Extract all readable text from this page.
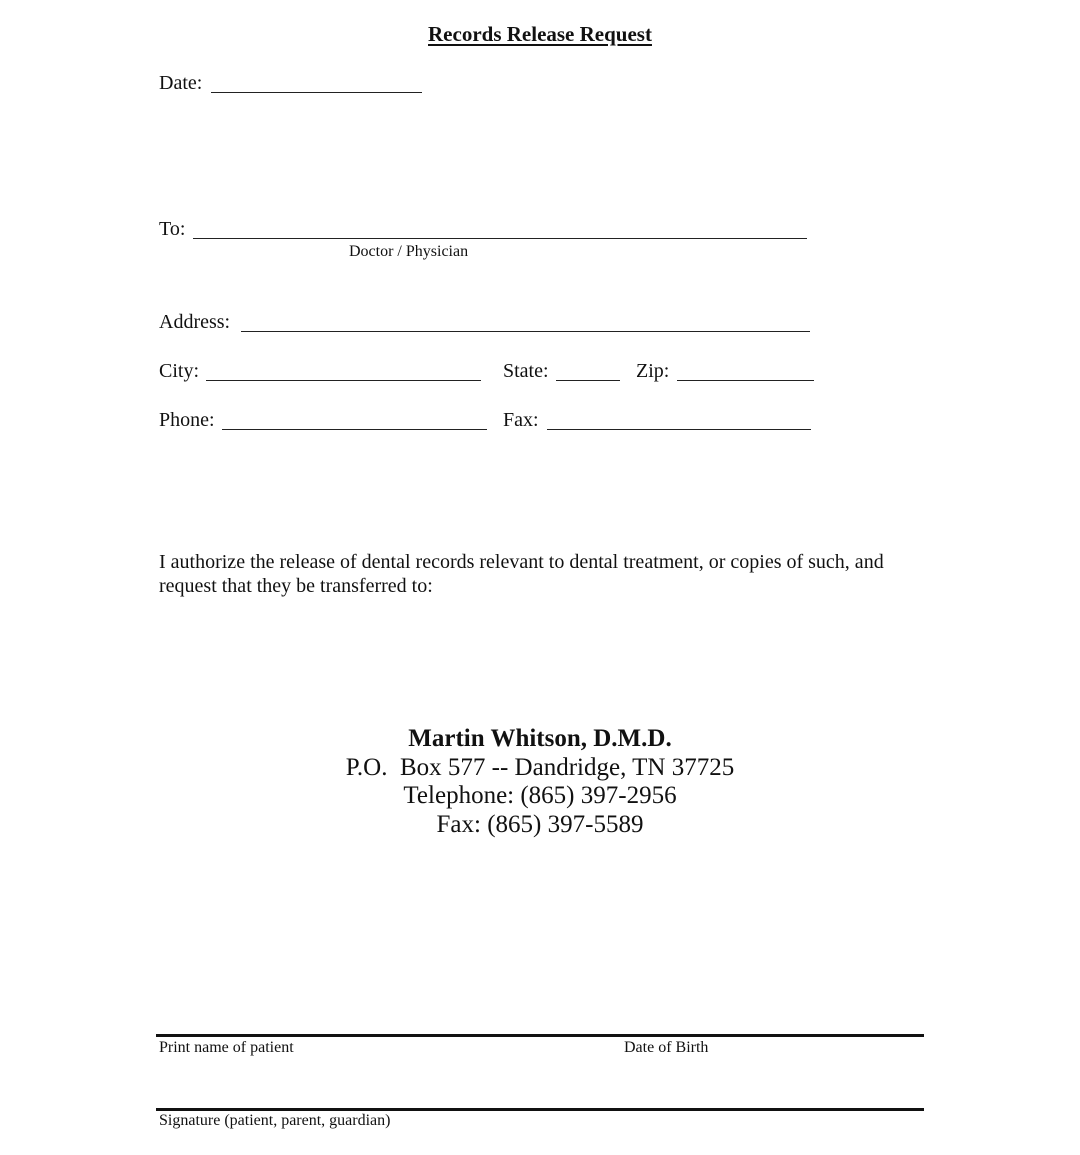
Records Release Request
Date:
To:
Doctor / Physician
Address:
City:	State:	Zip:
Phone:	Fax:
I authorize the release of dental records relevant to dental treatment, or copies of such, and request that they be transferred to:
Martin Whitson, D.M.D.
P.O.  Box 577 -- Dandridge, TN 37725
Telephone: (865) 397-2956
Fax: (865) 397-5589
Print name of patient	Date of Birth
Signature (patient, parent, guardian)
